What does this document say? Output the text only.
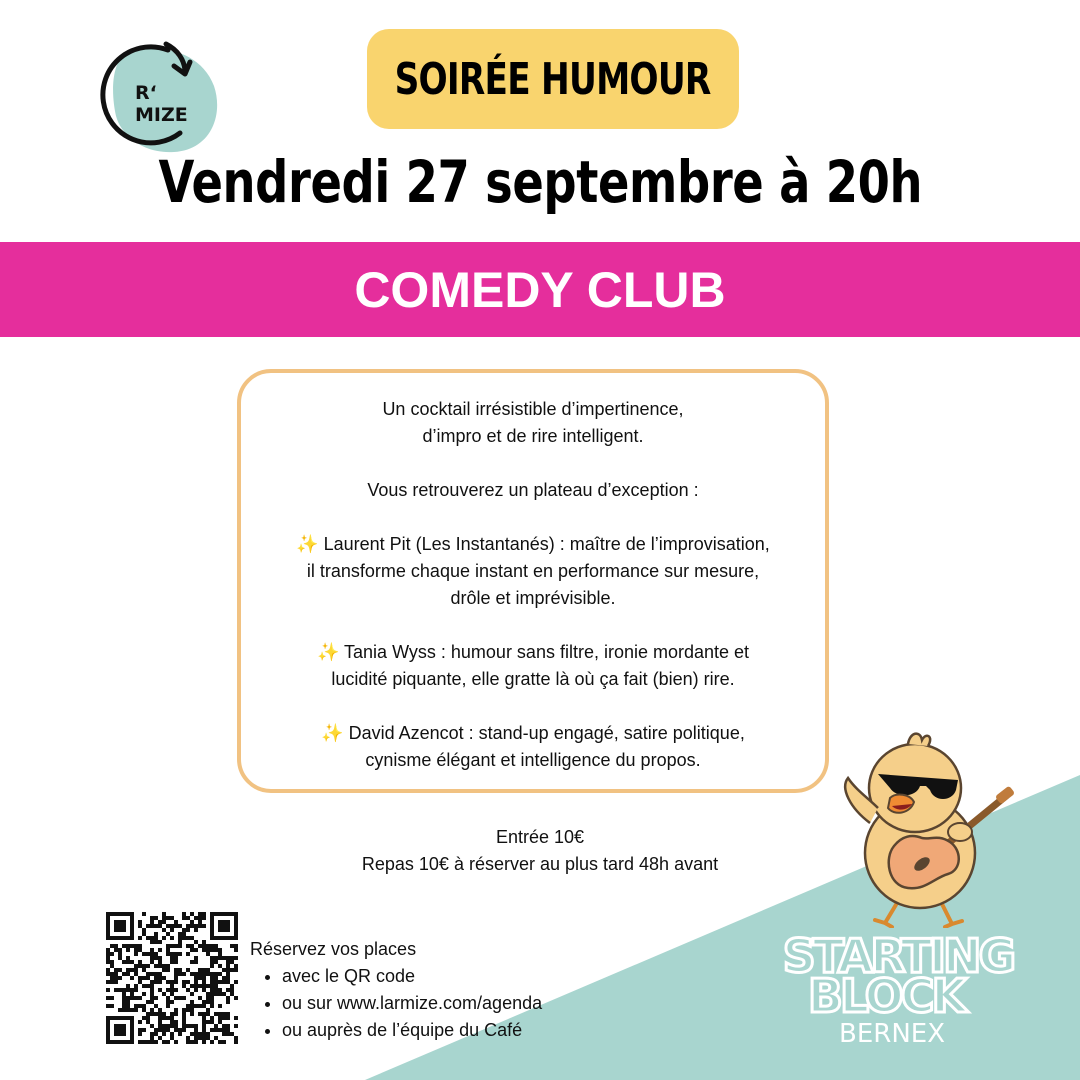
R‘
MIZE
SOIRÉE HUMOUR
Vendredi 27 septembre à 20h
COMEDY CLUB

Un cocktail irrésistible d’impertinence,

d’impro et de rire intelligent.

Vous retrouverez un plateau d’exception :

✨ Laurent Pit (Les Instantanés) : maître de l’improvisation,

il transforme chaque instant en performance sur mesure,

drôle et imprévisible.

✨ Tania Wyss : humour sans filtre, ironie mordante et

lucidité piquante, elle gratte là où ça fait (bien) rire.

✨ David Azencot : stand-up engagé, satire politique,

cynisme élégant et intelligence du propos.

Entrée 10€
Repas 10€ à réserver au plus tard 48h avant
Réservez vos places
• avec le QR code
• ou sur www.larmize.com/agenda
• ou auprès de l’équipe du Café
STARTING
BLOCK
BERNEX
